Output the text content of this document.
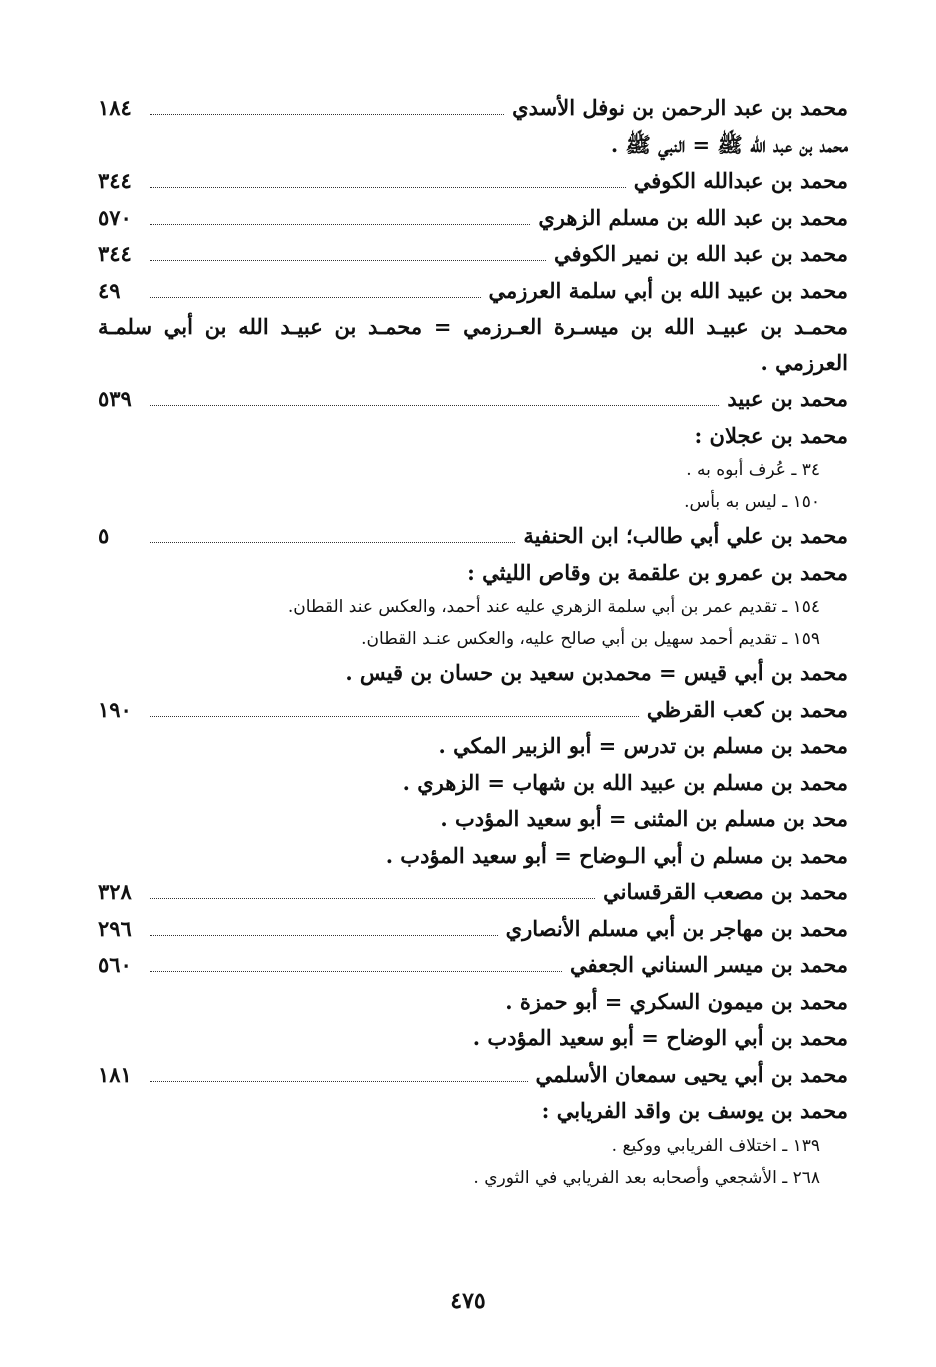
محمد بن عبد الرحمن بن نوفل الأسدي
١٨٤
محمد بن عبد الله ﷺ = النبي ﷺ .
محمد بن عبدالله الكوفي
٣٤٤
محمد بن عبد الله بن مسلم الزهري
٥٧٠
محمد بن عبد الله بن نمير الكوفي
٣٤٤
محمد بن عبيد الله بن أبي سلمة العرزمي
٤٩
محمـد بن عبيـد الله بن ميسـرة العـرزمي = محمـد بن عبيـد الله بن أبي سلمـة العرزمي .
محمد بن عبيد
٥٣٩
محمد بن عجلان :
٣٤ ـ عُرف أبوه به .
١٥٠ ـ ليس به بأس.
محمد بن علي أبي طالب؛ ابن الحنفية
٥
محمد بن عمرو بن علقمة بن وقاص الليثي :
١٥٤ ـ تقديم عمر بن أبي سلمة الزهري عليه عند أحمد، والعكس عند القطان.
١٥٩ ـ تقديم أحمد سهيل بن أبي صالح عليه، والعكس عنـد القطان.
محمد بن أبي قيس = محمدبن سعيد بن حسان بن قيس .
محمد بن كعب القرظي
١٩٠
محمد بن مسلم بن تدرس = أبو الزبير المكي .
محمد بن مسلم بن عبيد الله بن شهاب = الزهري .
محد بن مسلم بن المثنى = أبو سعيد المؤدب .
محمد بن مسلم ن أبي الـوضاح = أبو سعيد المؤدب .
محمد بن مصعب القرقساني
٣٢٨
محمد بن مهاجر بن أبي مسلم الأنصاري
٢٩٦
محمد بن ميسر السناني الجعفي
٥٦٠
محمد بن ميمون السكري = أبو حمزة .
محمد بن أبي الوضاح = أبو سعيد المؤدب .
محمد بن أبي يحيى سمعان الأسلمي
١٨١
محمد بن يوسف بن واقد الفريابي :
١٣٩ ـ اختلاف الفريابي ووكيع .
٢٦٨ ـ الأشجعي وأصحابه بعد الفريابي في الثوري .
٤٧٥
